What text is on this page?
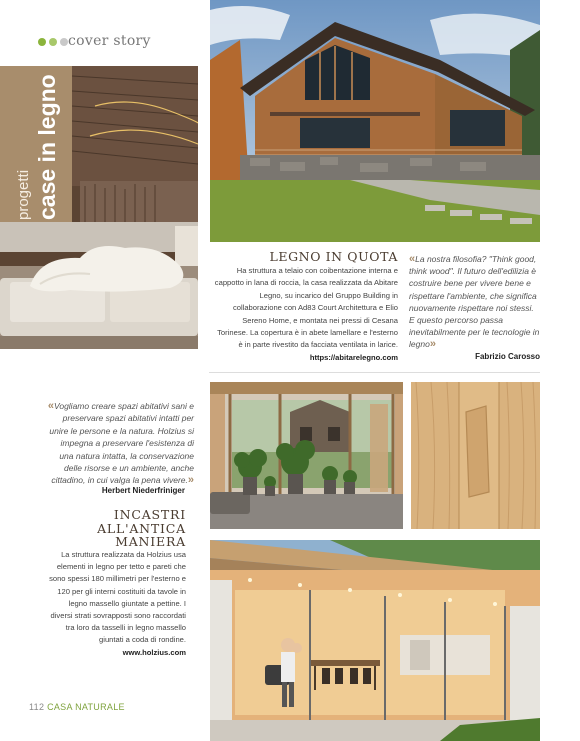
cover story
case in legno
progetti
LEGNO IN QUOTA
Ha struttura a telaio con coibentazione interna e cappotto in lana di roccia, la casa realizzata da Abitare Legno, su incarico del Gruppo Building in collaborazione con Ad83 Court Architettura e Elio Sereno Home, e montata nei pressi di Cesana Torinese. La copertura è in abete lamellare e l'esterno è in parte rivestito da facciata ventilata in larice. https://abitarelegno.com
«La nostra filosofia? "Think good, think wood". Il futuro dell'edilizia è costruire bene per vivere bene e rispettare l'ambiente, che significa nuovamente rispettare noi stessi. E questo percorso passa inevitabilmente per le tecnologie in legno»
Fabrizio Carosso
«Vogliamo creare spazi abitativi sani e preservare spazi abitativi intatti per unire le persone e la natura. Holzius si impegna a preservare l'esistenza di una natura intatta, la conservazione delle risorse e un ambiente, anche cittadino, in cui valga la pena vivere.»
Herbert Niederfriniger
INCASTRI
ALL'ANTICA
MANIERA
La struttura realizzata da Holzius usa elementi in legno per tetto e pareti che sono spessi 180 millimetri per l'esterno e 120 per gli interni costituiti da tavole in legno massello giuntate a pettine. I diversi strati sovrapposti sono raccordati tra loro da tasselli in legno massello giuntati a coda di rondine.
www.holzius.com
112 CASA NATURALE
